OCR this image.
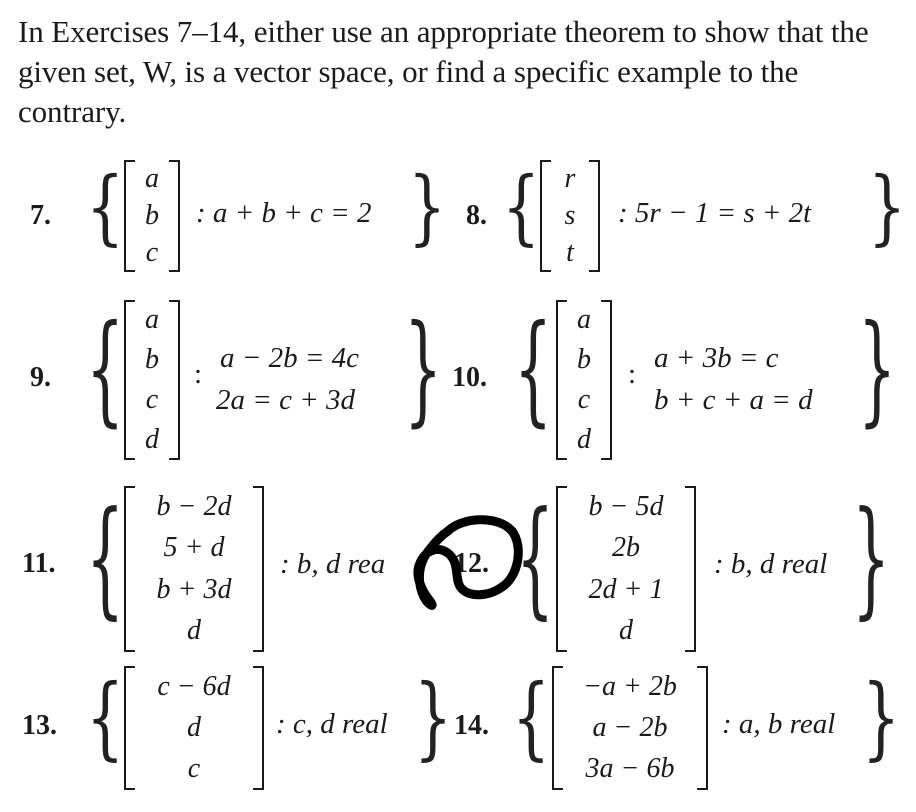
In Exercises 7–14, either use an appropriate theorem to show that the given set, W, is a vector space, or find a specific example to the contrary.
7. { a
b
c
: a + b + c = 2 } 8. { r
s
t
: 5r − 1 = s + 2t }
9. { a
b
c
d
: a − 2b = 4c
2a = c + 3d } 10. { a
b
c
d
: a + 3b = c
b + c + a = d }
11. { b − 2d
5 + d
b + 3d
d
: b, d rea 12. { b − 5d
2b
2d + 1
d
: b, d real }
13. { c − 6d
d
c
: c, d real } 14. { −a + 2b
a − 2b
3a − 6b
: a, b real }
